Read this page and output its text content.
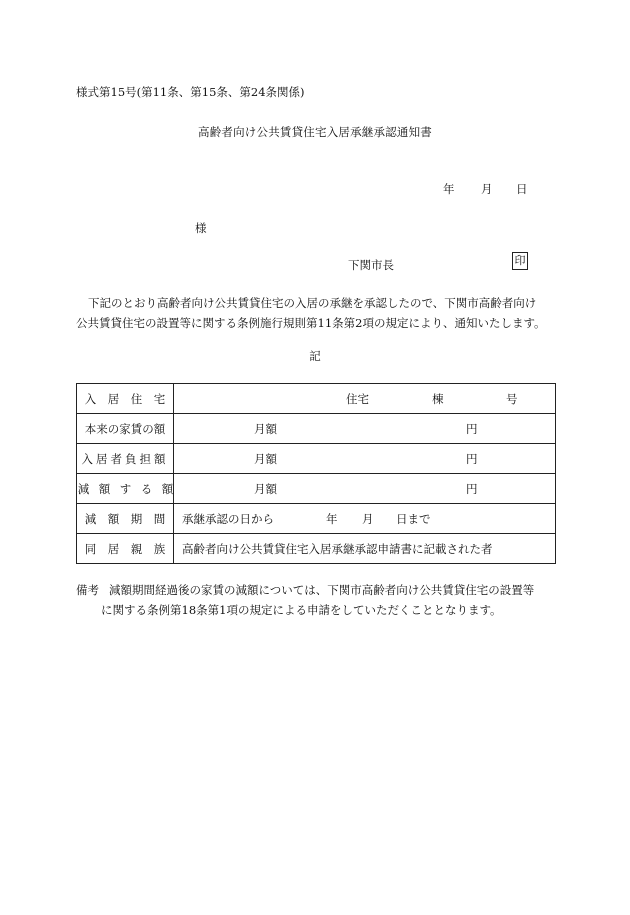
様式第15号(第11条、第15条、第24条関係)
高齢者向け公共賃貸住宅入居承継承認通知書
年 月 日
様
下関市長	印

下記のとおり高齢者向け公共賃貸住宅の入居の承継を承認したので、下関市高齢者向け

公共賃貸住宅の設置等に関する条例施行規則第11条第2項の規定により、通知いたします。

記
入　居　住　宅	住宅 棟 号

本来の家賃の額	月額 円

入居者負担額	月額 円

減　額　す　る　額	月額 円

減　額　期　間	承継承認の日から 年 月 日まで

同　居　親　族	高齢者向け公共賃貸住宅入居承継承認申請書に記載された者

備考 減額期間経過後の家賃の減額については、下関市高齢者向け公共賃貸住宅の設置等

に関する条例第18条第1項の規定による申請をしていただくこととなります。
